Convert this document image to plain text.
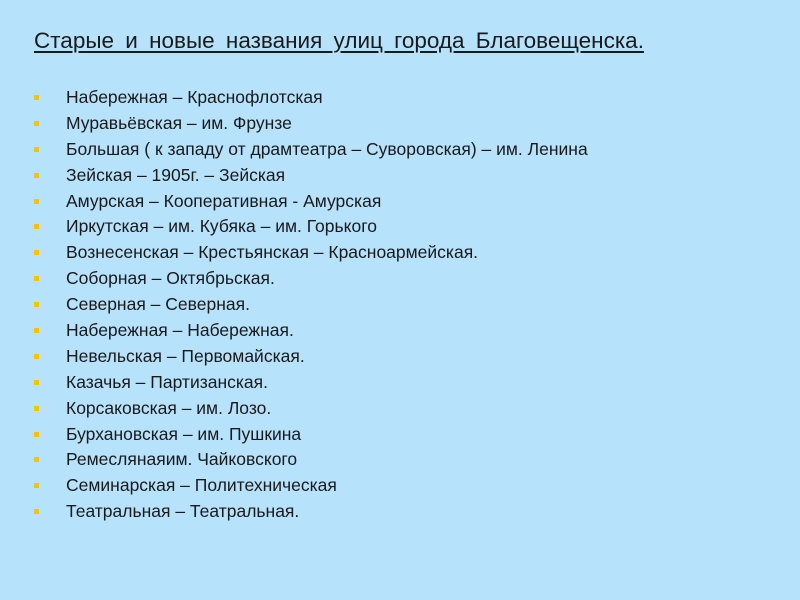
Старые и новые названия улиц города Благовещенска.
Набережная – Краснофлотская
Муравьёвская – им. Фрунзе
Большая ( к западу от драмтеатра – Суворовская) – им. Ленина
Зейская – 1905г. – Зейская
Амурская – Кооперативная - Амурская
Иркутская – им. Кубяка – им. Горького
Вознесенская – Крестьянская – Красноармейская.
Соборная – Октябрьская.
Северная – Северная.
Набережная – Набережная.
Невельская – Первомайская.
Казачья – Партизанская.
Корсаковская – им. Лозо.
Бурхановская – им. Пушкина
Ремеслянаяим. Чайковского
Семинарская – Политехническая
Театральная – Театральная.
